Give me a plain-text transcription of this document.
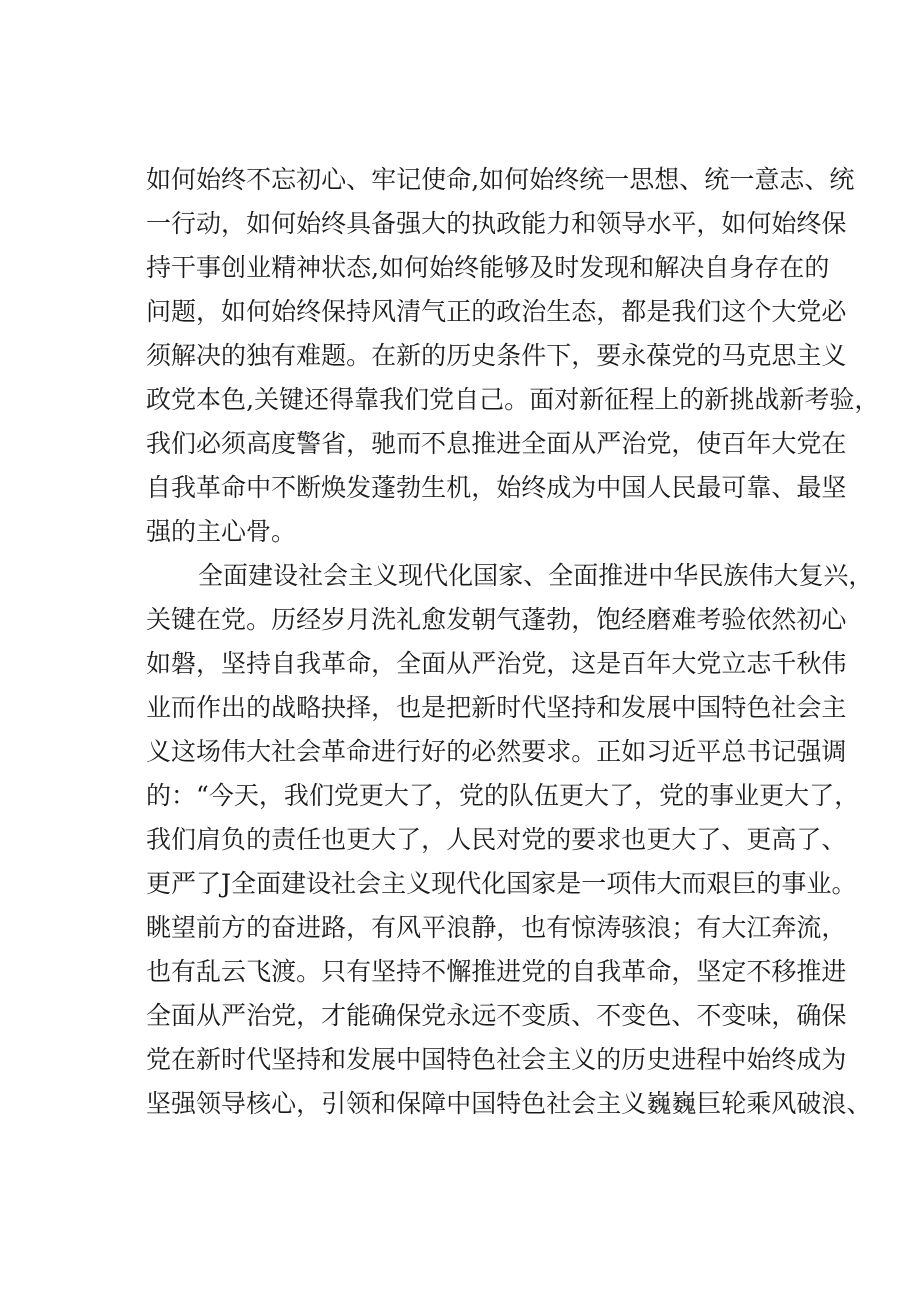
如 何 始 终 不 忘 初 心 、 牢 记 使 命 , 如 何 始 终 统 一 思 想 、 统 一 意 志 、 统
一 行 动 ， 如 何 始 终 具 备 强 大 的 执 政 能 力 和 领 导 水 平 ， 如 何 始 终 保
持 干 事 创 业 精 神 状 态 , 如 何 始 终 能 够 及 时 发 现 和 解 决 自 身 存 在 的
问 题 ， 如 何 始 终 保 持 风 清 气 正 的 政 治 生 态 ， 都 是 我 们 这 个 大 党 必
须 解 决 的 独 有 难 题 。 在 新 的 历 史 条 件 下 ， 要 永 葆 党 的 马 克 思 主 义
政 党 本 色 , 关 键 还 得 靠 我 们 党 自 己 。 面 对 新 征 程 上 的 新 挑 战 新 考 验 ，
我 们 必 须 高 度 警 省 ， 驰 而 不 息 推 进 全 面 从 严 治 党 ， 使 百 年 大 党 在
自 我 革 命 中 不 断 焕 发 蓬 勃 生 机 ， 始 终 成 为 中 国 人 民 最 可 靠 、 最 坚
强的主心骨。
全 面 建 设 社 会 主 义 现 代 化 国 家 、 全 面 推 进 中 华 民 族 伟 大 复 兴 ，
关 键 在 党 。 历 经 岁 月 洗 礼 愈 发 朝 气 蓬 勃 ， 饱 经 磨 难 考 验 依 然 初 心
如 磐 ， 坚 持 自 我 革 命 ， 全 面 从 严 治 党 ， 这 是 百 年 大 党 立 志 千 秋 伟
业 而 作 出 的 战 略 抉 择 ， 也 是 把 新 时 代 坚 持 和 发 展 中 国 特 色 社 会 主
义 这 场 伟 大 社 会 革 命 进 行 好 的 必 然 要 求 。 正 如 习 近 平 总 书 记 强 调
的 ： “ 今 天 ， 我 们 党 更 大 了 ， 党 的 队 伍 更 大 了 ， 党 的 事 业 更 大 了 ，
我 们 肩 负 的 责 任 也 更 大 了 ， 人 民 对 党 的 要 求 也 更 大 了 、 更 高 了 、
更 严 了 J 全 面 建 设 社 会 主 义 现 代 化 国 家 是 一 项 伟 大 而 艰 巨 的 事 业 。
眺 望 前 方 的 奋 进 路 ， 有 风 平 浪 静 ， 也 有 惊 涛 骇 浪 ； 有 大 江 奔 流 ，
也 有 乱 云 飞 渡 。 只 有 坚 持 不 懈 推 进 党 的 自 我 革 命 ， 坚 定 不 移 推 进
全 面 从 严 治 党 ， 才 能 确 保 党 永 远 不 变 质 、 不 变 色 、 不 变 味 ， 确 保
党 在 新 时 代 坚 持 和 发 展 中 国 特 色 社 会 主 义 的 历 史 进 程 中 始 终 成 为
坚 强 领 导 核 心 ， 引 领 和 保 障 中 国 特 色 社 会 主 义 巍 巍 巨 轮 乘 风 破 浪 、
